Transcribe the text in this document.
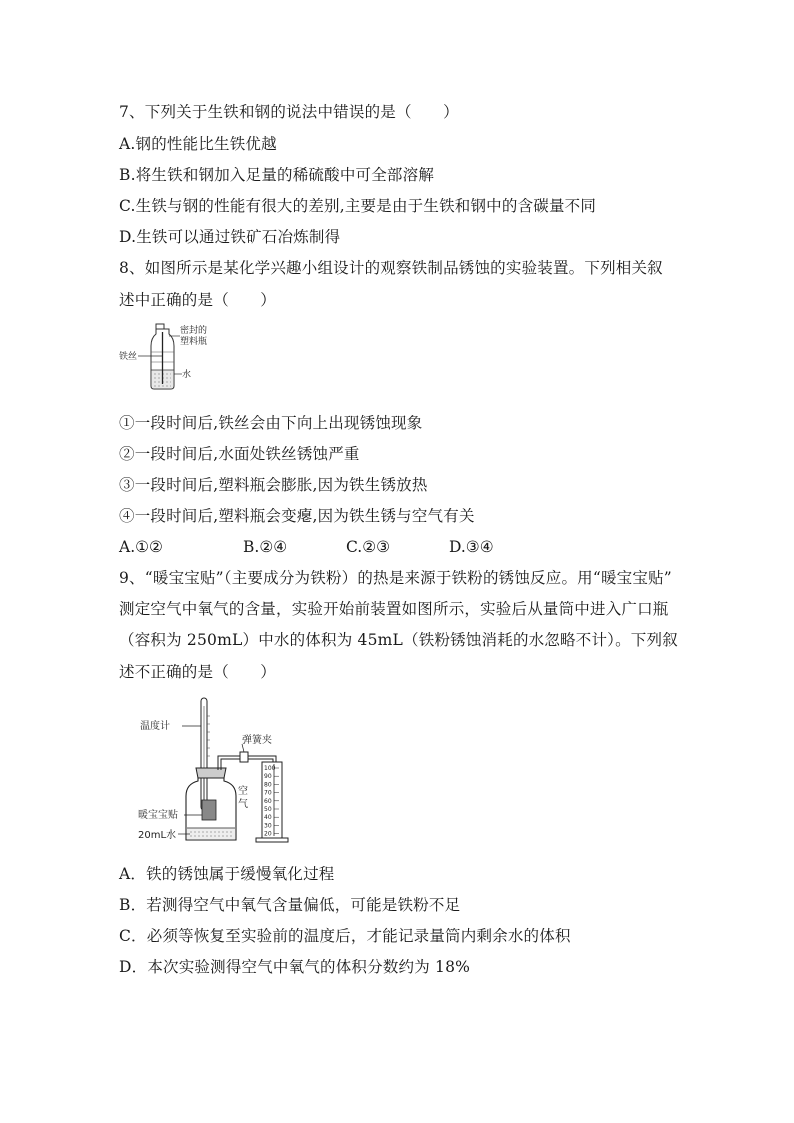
7、下列关于生铁和钢的说法中错误的是（　　）
A.钢的性能比生铁优越
B.将生铁和钢加入足量的稀硫酸中可全部溶解
C.生铁与钢的性能有很大的差别,主要是由于生铁和钢中的含碳量不同
D.生铁可以通过铁矿石冶炼制得
8、如图所示是某化学兴趣小组设计的观察铁制品锈蚀的实验装置。下列相关叙
述中正确的是（　　）
密封的
塑料瓶
铁丝
水
①一段时间后,铁丝会由下向上出现锈蚀现象
②一段时间后,水面处铁丝锈蚀严重
③一段时间后,塑料瓶会膨胀,因为铁生锈放热
④一段时间后,塑料瓶会变瘪,因为铁生锈与空气有关
A.①②	B.②④	C.②③	D.③④
9、“暖宝宝贴”（主要成分为铁粉）的热是来源于铁粉的锈蚀反应。用“暖宝宝贴”
测定空气中氧气的含量，实验开始前装置如图所示，实验后从量筒中进入广口瓶
（容积为 250mL）中水的体积为 45mL（铁粉锈蚀消耗的水忽略不计）。下列叙
述不正确的是（　　）
100
90
80
70
60
50
40
30
20
温度计
弹簧夹
空
气
暖宝宝贴
20mL水
A．铁的锈蚀属于缓慢氧化过程
B．若测得空气中氧气含量偏低，可能是铁粉不足
C．必须等恢复至实验前的温度后，才能记录量筒内剩余水的体积
D．本次实验测得空气中氧气的体积分数约为 18%
